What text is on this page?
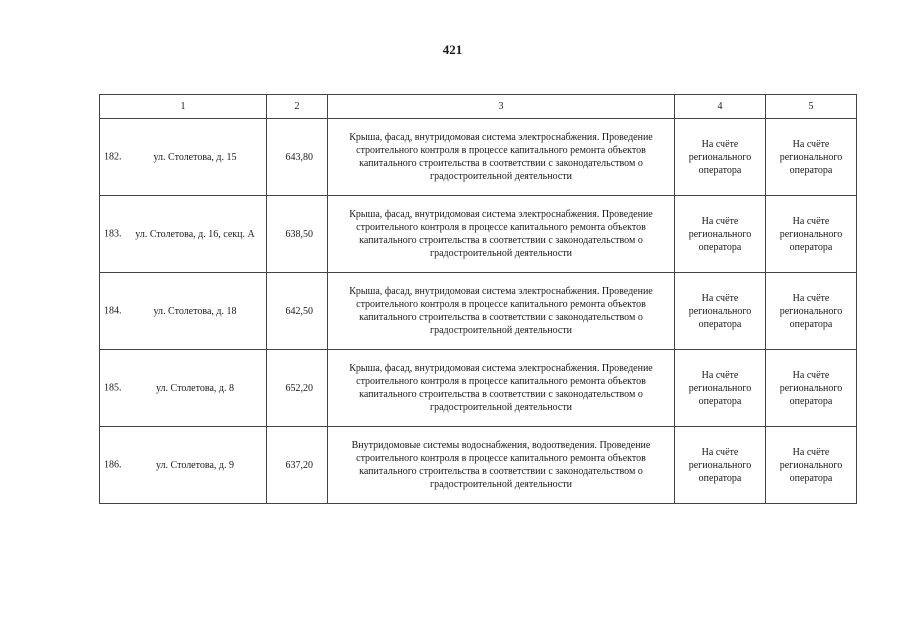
421
1	2	3	4	5

182. ул. Столетова, д. 15	643,80	Крыша, фасад, внутридомовая система электроснабжения. Проведение строительного контроля в процессе капитального ремонта объектов капитального строительства в соответствии с законодательством о градостроительной деятельности	На счёте регионального оператора	На счёте регионального оператора

183. ул. Столетова, д. 16, секц. А	638,50	Крыша, фасад, внутридомовая система электроснабжения. Проведение строительного контроля в процессе капитального ремонта объектов капитального строительства в соответствии с законодательством о градостроительной деятельности	На счёте регионального оператора	На счёте регионального оператора

184. ул. Столетова, д. 18	642,50	Крыша, фасад, внутридомовая система электроснабжения. Проведение строительного контроля в процессе капитального ремонта объектов капитального строительства в соответствии с законодательством о градостроительной деятельности	На счёте регионального оператора	На счёте регионального оператора

185. ул. Столетова, д. 8	652,20	Крыша, фасад, внутридомовая система электроснабжения. Проведение строительного контроля в процессе капитального ремонта объектов капитального строительства в соответствии с законодательством о градостроительной деятельности	На счёте регионального оператора	На счёте регионального оператора

186. ул. Столетова, д. 9	637,20	Внутридомовые системы водоснабжения, водоотведения. Проведение строительного контроля в процессе капитального ремонта объектов капитального строительства в соответствии с законодательством о градостроительной деятельности	На счёте регионального оператора	На счёте регионального оператора
